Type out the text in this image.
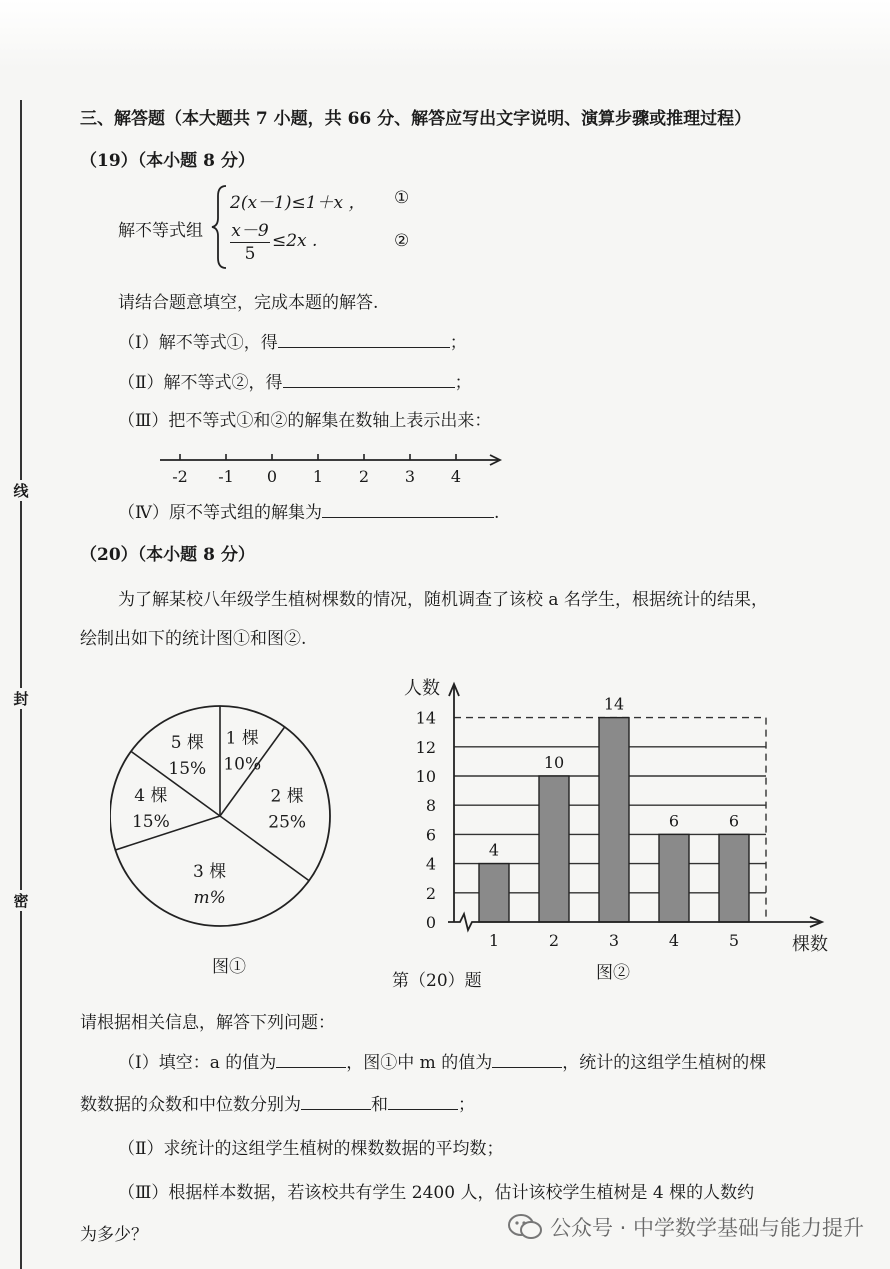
线
封
密
三、解答题（本大题共 7 小题，共 66 分、解答应写出文字说明、演算步骤或推理过程）
（19）（本小题 8 分）
解不等式组
2(x－1)≤1＋x ， ①
$\frac{x-9}{5} \le 2x$ .	②
请结合题意填空，完成本题的解答.
（Ⅰ）解不等式①，得	；
（Ⅱ）解不等式②，得	；
（Ⅲ）把不等式①和②的解集在数轴上表示出来：
-2 -1 0 1 2 3 4
（Ⅳ）原不等式组的解集为	.
（20）（本小题 8 分）
为了解某校八年级学生植树棵数的情况，随机调查了该校 a 名学生，根据统计的结果，
绘制出如下的统计图①和图②.
1 棵
10%
2 棵
25%
3 棵
m%
4 棵
15%
5 棵
15%
图①
0
2
4
6
8
10
12
14
4
1
10
2
14
3
6
4
6
5
人数
棵数
图②
第（20）题
请根据相关信息，解答下列问题：
（Ⅰ）填空：a 的值为	，图①中 m 的值为	，统计的这组学生植树的棵
数数据的众数和中位数分别为	和	；
（Ⅱ）求统计的这组学生植树的棵数数据的平均数；
（Ⅲ）根据样本数据，若该校共有学生 2400 人，估计该校学生植树是 4 棵的人数约
为多少？	公众号 · 中学数学基础与能力提升
